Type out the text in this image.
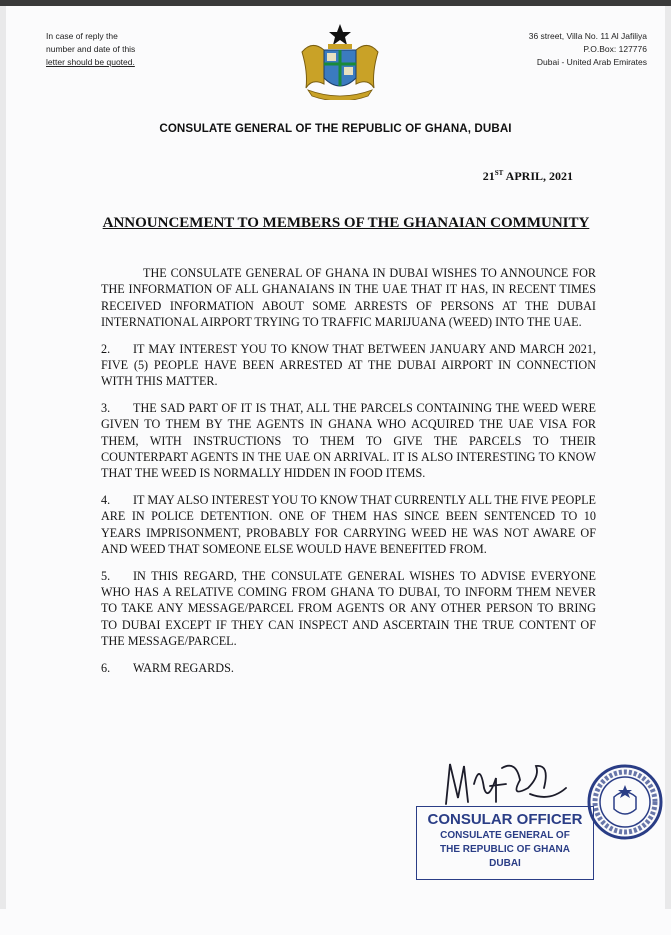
In case of reply the
number and date of this
letter should be quoted.
36 street, Villa No. 11 Al Jafiliya
P.O.Box: 127776
Dubai - United Arab Emirates
CONSULATE GENERAL OF THE REPUBLIC OF GHANA, DUBAI
21ST APRIL, 2021
ANNOUNCEMENT TO MEMBERS OF THE GHANAIAN COMMUNITY

THE CONSULATE GENERAL OF GHANA IN DUBAI WISHES TO ANNOUNCE FOR THE INFORMATION OF ALL GHANAIANS IN THE UAE THAT IT HAS, IN RECENT TIMES RECEIVED INFORMATION ABOUT SOME ARRESTS OF PERSONS AT THE DUBAI INTERNATIONAL AIRPORT TRYING TO TRAFFIC MARIJUANA (WEED) INTO THE UAE.

2. IT MAY INTEREST YOU TO KNOW THAT BETWEEN JANUARY AND MARCH 2021, FIVE (5) PEOPLE HAVE BEEN ARRESTED AT THE DUBAI AIRPORT IN CONNECTION WITH THIS MATTER.

3. THE SAD PART OF IT IS THAT, ALL THE PARCELS CONTAINING THE WEED WERE GIVEN TO THEM BY THE AGENTS IN GHANA WHO ACQUIRED THE UAE VISA FOR THEM, WITH INSTRUCTIONS TO THEM TO GIVE THE PARCELS TO THEIR COUNTERPART AGENTS IN THE UAE ON ARRIVAL. IT IS ALSO INTERESTING TO KNOW THAT THE WEED IS NORMALLY HIDDEN IN FOOD ITEMS.

4. IT MAY ALSO INTEREST YOU TO KNOW THAT CURRENTLY ALL THE FIVE PEOPLE ARE IN POLICE DETENTION. ONE OF THEM HAS SINCE BEEN SENTENCED TO 10 YEARS IMPRISONMENT, PROBABLY FOR CARRYING WEED HE WAS NOT AWARE OF AND WEED THAT SOMEONE ELSE WOULD HAVE BENEFITED FROM.

5. IN THIS REGARD, THE CONSULATE GENERAL WISHES TO ADVISE EVERYONE WHO HAS A RELATIVE COMING FROM GHANA TO DUBAI, TO INFORM THEM NEVER TO TAKE ANY MESSAGE/PARCEL FROM AGENTS OR ANY OTHER PERSON TO BRING TO DUBAI EXCEPT IF THEY CAN INSPECT AND ASCERTAIN THE TRUE CONTENT OF THE MESSAGE/PARCEL.

6. WARM REGARDS.

CONSULAR OFFICER
CONSULATE GENERAL OF
THE REPUBLIC OF GHANA
DUBAI
